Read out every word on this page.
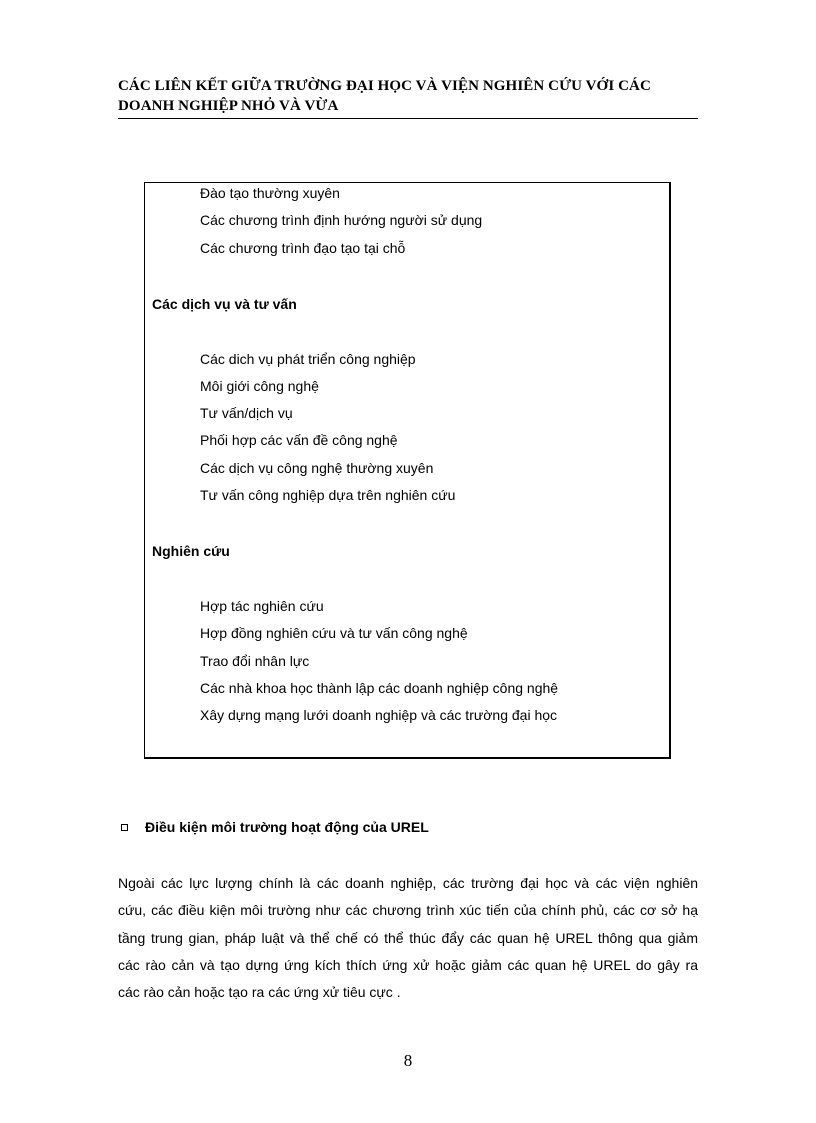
CÁC LIÊN KẾT GIỮA TRƯỜNG ĐẠI HỌC VÀ VIỆN NGHIÊN CỨU VỚI CÁC
DOANH NGHIỆP NHỎ VÀ VỪA
Đào tạo thường xuyên
Các chương trình định hướng người sử dụng
Các chương trình đạo tạo tại chỗ
Các dịch vụ và tư vấn
Các dich vụ phát triển công nghiệp
Môi giới công nghệ
Tư vấn/dịch vụ
Phối hợp các vấn đề công nghệ
Các dịch vụ công nghệ thường xuyên
Tư vấn công nghiệp dựa trên nghiên cứu
Nghiên cứu
Hợp tác nghiên cứu
Hợp đồng nghiên cứu và tư vấn công nghệ
Trao đổi nhân lực
Các nhà khoa học thành lập các doanh nghiệp công nghệ
Xây dựng mạng lưới doanh nghiệp và các trường đại học
Điều kiện môi trường hoạt động của UREL
Ngoài các lực lượng chính là các doanh nghiệp, các trường đại học và các viện nghiên
cứu, các điều kiện môi trường như các chương trình xúc tiến của chính phủ, các cơ sở hạ
tầng trung gian, pháp luật và thể chế có thể thúc đẩy các quan hệ UREL thông qua giảm
các rào cản và tạo dựng ứng kích thích ứng xử hoặc giảm các quan hệ UREL do gây ra
các rào cản hoặc tạo ra các ứng xử tiêu cực .
8
